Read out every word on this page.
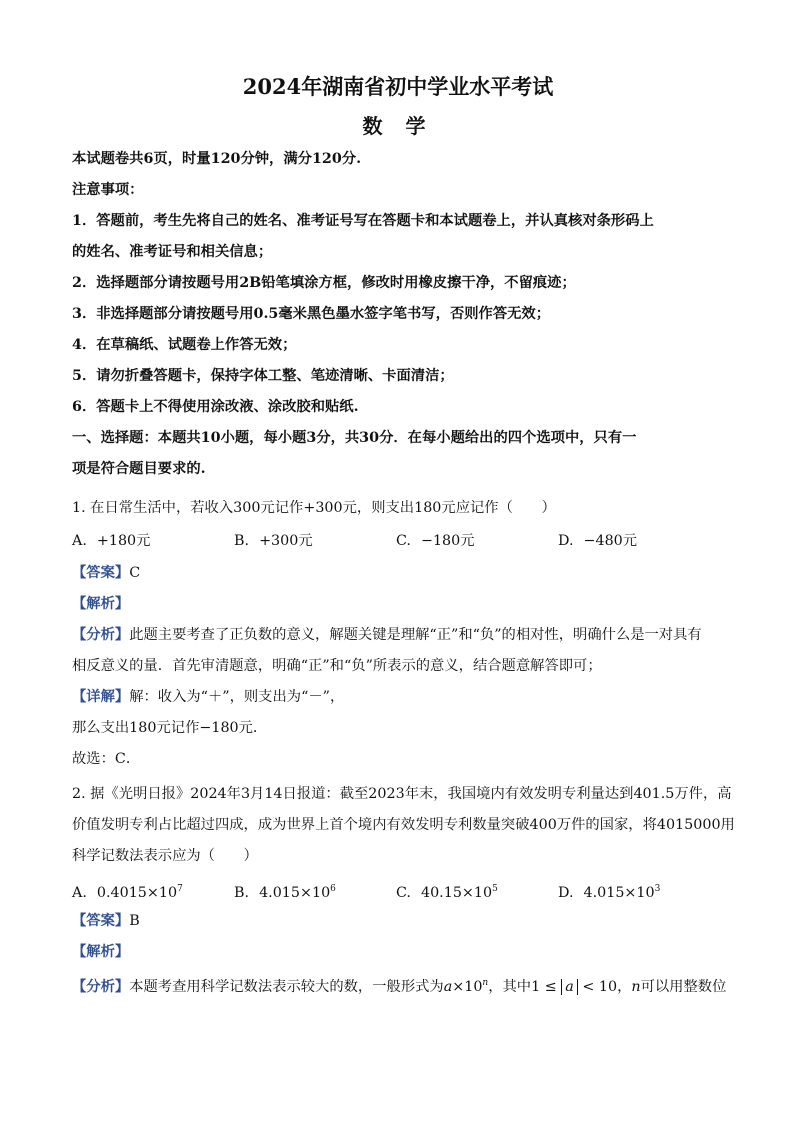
2024年湖南省初中学业水平考试
数 学
本试题卷共6页，时量120分钟，满分120分.
注意事项：
1．答题前，考生先将自己的姓名、准考证号写在答题卡和本试题卷上，并认真核对条形码上
的姓名、准考证号和相关信息；
2．选择题部分请按题号用2B铅笔填涂方框，修改时用橡皮擦干净，不留痕迹；
3．非选择题部分请按题号用0.5毫米黑色墨水签字笔书写，否则作答无效；
4．在草稿纸、试题卷上作答无效；
5．请勿折叠答题卡，保持字体工整、笔迹清晰、卡面清洁；
6．答题卡上不得使用涂改液、涂改胶和贴纸.
一、选择题：本题共10小题，每小题3分，共30分．在每小题给出的四个选项中，只有一
项是符合题目要求的.
1. 在日常生活中，若收入300元记作+300元，则支出180元应记作（　　）
A. +180元	B. +300元	C. −180元	D. −480元
【答案】C
【解析】
【分析】此题主要考查了正负数的意义，解题关键是理解“正”和“负”的相对性，明确什么是一对具有
相反意义的量．首先审清题意，明确“正”和“负”所表示的意义，结合题意解答即可；
【详解】解：收入为“＋”，则支出为“－”，
那么支出180元记作−180元．
故选：C．
2. 据《光明日报》2024年3月14日报道：截至2023年末，我国境内有效发明专利量达到401.5万件，高
价值发明专利占比超过四成，成为世界上首个境内有效发明专利数量突破400万件的国家，将4015000用
科学记数法表示应为（　　）
A. $0.4015\times 10^7$	B. $4.015\times 10^6$	C. $40.15\times 10^5$	D. $4.015\times 10^3$
【答案】B
【解析】
【分析】本题考查用科学记数法表示较大的数，一般形式为$a\times 10^n$，其中1 ≤ a < 10，n可以用整数位
